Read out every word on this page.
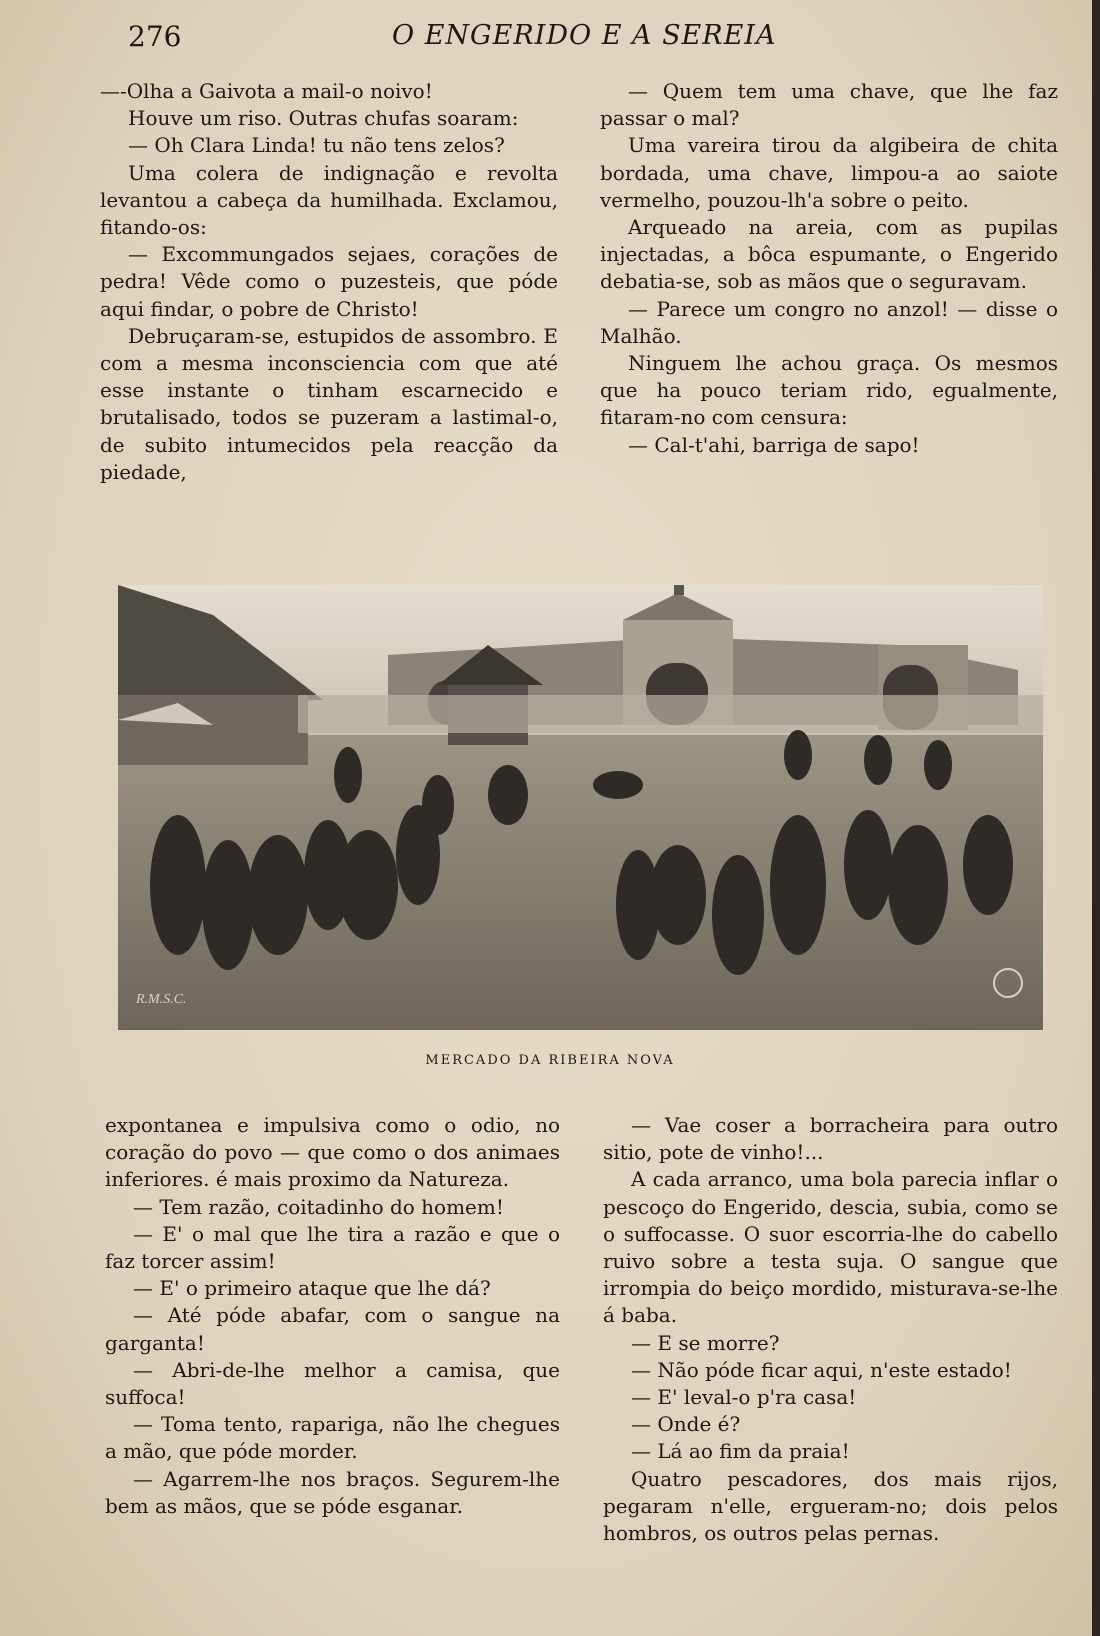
276	O ENGERIDO E A SEREIA

—-Olha a Gaivota a mail-o noivo!

Houve um riso. Outras chufas soaram:

— Oh Clara Linda! tu não tens zelos?

Uma colera de indignação e revolta levantou a cabeça da humilhada. Exclamou, fitando-os:

— Excommungados sejaes, corações de pedra! Vêde como o puzesteis, que póde aqui findar, o pobre de Christo!

Debruçaram-se, estupidos de assombro. E com a mesma inconsciencia com que até esse instante o tinham escarnecido e brutalisado, todos se puzeram a lastimal-o, de subito intumecidos pela reacção da piedade,

— Quem tem uma chave, que lhe faz passar o mal?

Uma vareira tirou da algibeira de chita bordada, uma chave, limpou-a ao saiote vermelho, pouzou-lh'a sobre o peito.

Arqueado na areia, com as pupilas injectadas, a bôca espumante, o Engerido debatia-se, sob as mãos que o seguravam.

— Parece um congro no anzol! — disse o Malhão.

Ninguem lhe achou graça. Os mesmos que ha pouco teriam rido, egualmente, fitaram-no com censura:

— Cal-t'ahi, barriga de sapo!

R.M.S.C.
MERCADO DA RIBEIRA NOVA

expontanea e impulsiva como o odio, no coração do povo — que como o dos animaes inferiores. é mais proximo da Natureza.

— Tem razão, coitadinho do homem!

— E' o mal que lhe tira a razão e que o faz torcer assim!

— E' o primeiro ataque que lhe dá?

— Até póde abafar, com o sangue na garganta!

— Abri-de-lhe melhor a camisa, que suffoca!

— Toma tento, rapariga, não lhe chegues a mão, que póde morder.

— Agarrem-lhe nos braços. Segurem-lhe bem as mãos, que se póde esganar.

— Vae coser a borracheira para outro sitio, pote de vinho!...

A cada arranco, uma bola parecia inflar o pescoço do Engerido, descia, subia, como se o suffocasse. O suor escorria-lhe do cabello ruivo sobre a testa suja. O sangue que irrompia do beiço mordido, misturava-se-lhe á baba.

— E se morre?

— Não póde ficar aqui, n'este estado!

— E' leval-o p'ra casa!

— Onde é?

— Lá ao fim da praia!

Quatro pescadores, dos mais rijos, pegaram n'elle, ergueram-no; dois pelos hombros, os outros pelas pernas.
